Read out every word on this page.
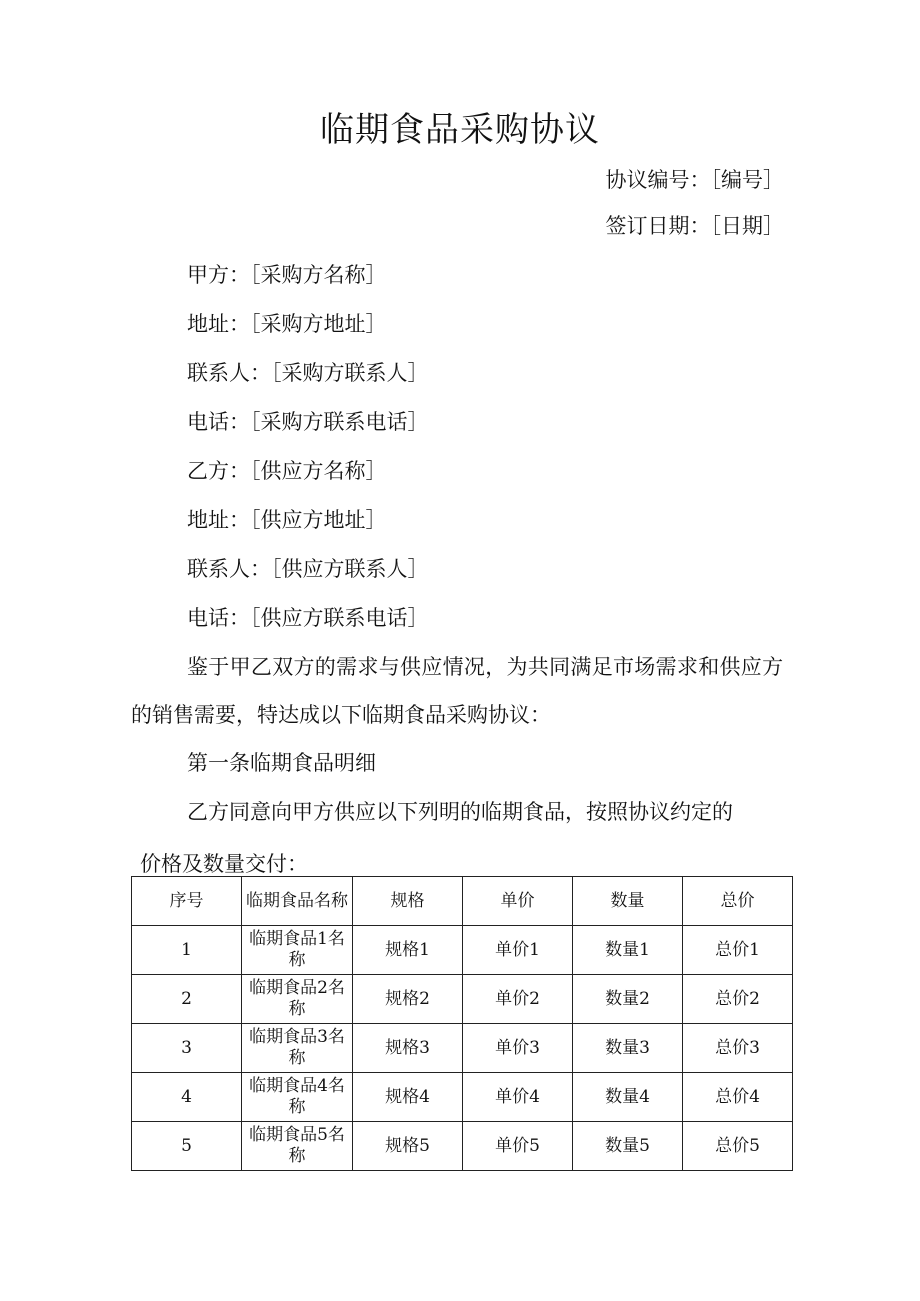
临期食品采购协议
协议编号：［编号］
签订日期：［日期］
甲方：［采购方名称］
地址：［采购方地址］
联系人：［采购方联系人］
电话：［采购方联系电话］
乙方：［供应方名称］
地址：［供应方地址］
联系人：［供应方联系人］
电话：［供应方联系电话］
鉴于甲乙双方的需求与供应情况，为共同满足市场需求和供应方
的销售需要，特达成以下临期食品采购协议：
第一条临期食品明细
乙方同意向甲方供应以下列明的临期食品，按照协议约定的
价格及数量交付：
序号	临期食品名称	规格	单价	数量	总价
1	临期食品1名称	规格1	单价1	数量1	总价1
2	临期食品2名称	规格2	单价2	数量2	总价2
3	临期食品3名称	规格3	单价3	数量3	总价3
4	临期食品4名称	规格4	单价4	数量4	总价4
5	临期食品5名称	规格5	单价5	数量5	总价5
